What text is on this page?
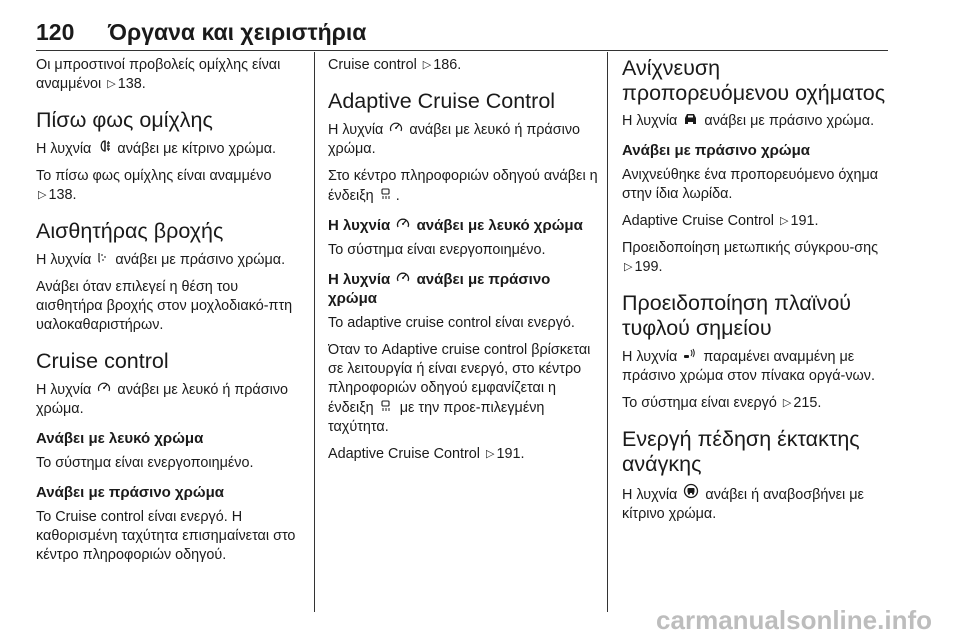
120	Όργανα και χειριστήρια

Οι μπροστινοί προβολείς ομίχλης είναι αναμμένοι ▷ 138.

Πίσω φως ομίχλης

Η λυχνία ανάβει με κίτρινο χρώμα.

Το πίσω φως ομίχλης είναι αναμμένο ▷ 138.

Αισθητήρας βροχής

Η λυχνία ανάβει με πράσινο χρώμα.

Ανάβει όταν επιλεγεί η θέση του αισθητήρα βροχής στον μοχλοδιακό-πτη υαλοκαθαριστήρων.

Cruise control

Η λυχνία ανάβει με λευκό ή πράσινο χρώμα.

Ανάβει με λευκό χρώμα

Το σύστημα είναι ενεργοποιημένο.

Ανάβει με πράσινο χρώμα

Το Cruise control είναι ενεργό. Η καθορισμένη ταχύτητα επισημαίνεται στο κέντρο πληροφοριών οδηγού.

Cruise control ▷ 186.

Adaptive Cruise Control

Η λυχνία ανάβει με λευκό ή πράσινο χρώμα.

Στο κέντρο πληροφοριών οδηγού ανάβει η ένδειξη .

Η λυχνία ανάβει με λευκό χρώμα

Το σύστημα είναι ενεργοποιημένο.

Η λυχνία ανάβει με πράσινο χρώμα

Το adaptive cruise control είναι ενεργό.

Όταν το Adaptive cruise control βρίσκεται σε λειτουργία ή είναι ενεργό, στο κέντρο πληροφοριών οδηγού εμφανίζεται η ένδειξη με την προε-πιλεγμένη ταχύτητα.

Adaptive Cruise Control ▷ 191.

Ανίχνευση προπορευόμενου οχήματος

Η λυχνία ανάβει με πράσινο χρώμα.

Ανάβει με πράσινο χρώμα

Ανιχνεύθηκε ένα προπορευόμενο όχημα στην ίδια λωρίδα.

Adaptive Cruise Control ▷ 191.

Προειδοποίηση μετωπικής σύγκρου-σης ▷ 199.

Προειδοποίηση πλαϊνού τυφλού σημείου

Η λυχνία παραμένει αναμμένη με πράσινο χρώμα στον πίνακα οργά-νων.

Το σύστημα είναι ενεργό ▷ 215.

Ενεργή πέδηση έκτακτης ανάγκης

Η λυχνία ανάβει ή αναβοσβήνει με κίτρινο χρώμα.

carmanualsonline.info
